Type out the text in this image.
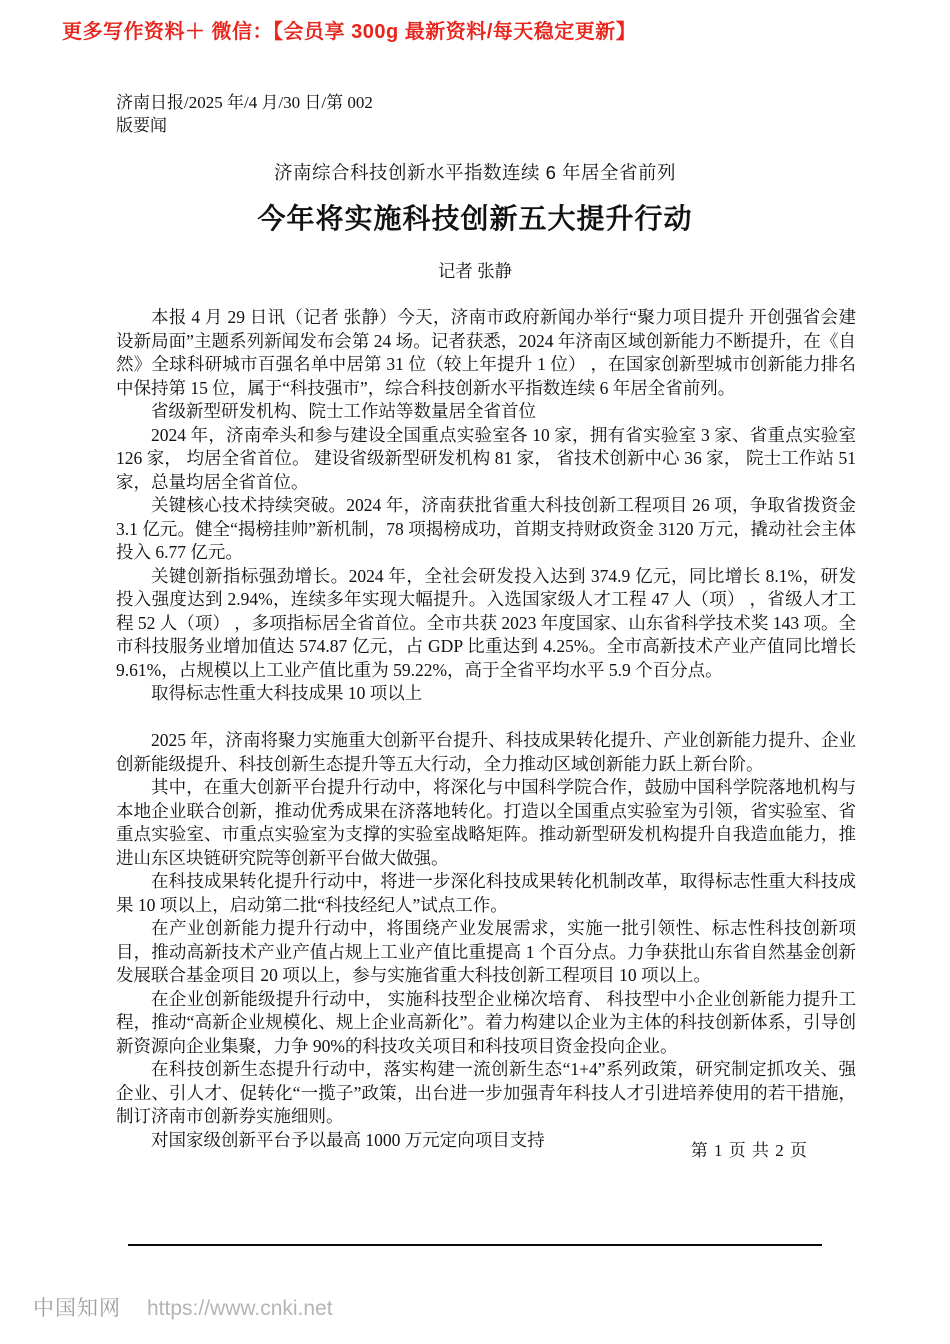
更多写作资料＋ 微信：【会员享 300g 最新资料/每天稳定更新】
济南日报/2025 年/4 月/30 日/第 002
版要闻
济南综合科技创新水平指数连续 6 年居全省前列
今年将实施科技创新五大提升行动
记者 张静

本报 4 月 29 日讯（记者 张静）今天，济南市政府新闻办举行“聚力项目提升 开创强省会建设新局面”主题系列新闻发布会第 24 场。记者获悉，2024 年济南区域创新能力不断提升，在《自然》全球科研城市百强名单中居第 31 位（较上年提升 1 位） ，在国家创新型城市创新能力排名中保持第 15 位，属于“科技强市”，综合科技创新水平指数连续 6 年居全省前列。

省级新型研发机构、院士工作站等数量居全省首位

2024 年，济南牵头和参与建设全国重点实验室各 10 家，拥有省实验室 3 家、省重点实验室 126 家， 均居全省首位。 建设省级新型研发机构 81 家， 省技术创新中心 36 家， 院士工作站 51 家，总量均居全省首位。

关键核心技术持续突破。2024 年，济南获批省重大科技创新工程项目 26 项，争取省拨资金 3.1 亿元。健全“揭榜挂帅”新机制，78 项揭榜成功，首期支持财政资金 3120 万元，撬动社会主体投入 6.77 亿元。

关键创新指标强劲增长。2024 年，全社会研发投入达到 374.9 亿元，同比增长 8.1%，研发投入强度达到 2.94%，连续多年实现大幅提升。入选国家级人才工程 47 人（项） ，省级人才工程 52 人（项） ，多项指标居全省首位。全市共获 2023 年度国家、山东省科学技术奖 143 项。全市科技服务业增加值达 574.87 亿元，占 GDP 比重达到 4.25%。全市高新技术产业产值同比增长 9.61%，占规模以上工业产值比重为 59.22%，高于全省平均水平 5.9 个百分点。

取得标志性重大科技成果 10 项以上

2025 年，济南将聚力实施重大创新平台提升、科技成果转化提升、产业创新能力提升、企业创新能级提升、科技创新生态提升等五大行动，全力推动区域创新能力跃上新台阶。

其中，在重大创新平台提升行动中，将深化与中国科学院合作，鼓励中国科学院落地机构与本地企业联合创新，推动优秀成果在济落地转化。打造以全国重点实验室为引领，省实验室、省重点实验室、市重点实验室为支撑的实验室战略矩阵。推动新型研发机构提升自我造血能力，推进山东区块链研究院等创新平台做大做强。

在科技成果转化提升行动中，将进一步深化科技成果转化机制改革，取得标志性重大科技成果 10 项以上，启动第二批“科技经纪人”试点工作。

在产业创新能力提升行动中，将围绕产业发展需求，实施一批引领性、标志性科技创新项目，推动高新技术产业产值占规上工业产值比重提高 1 个百分点。力争获批山东省自然基金创新发展联合基金项目 20 项以上，参与实施省重大科技创新工程项目 10 项以上。

在企业创新能级提升行动中， 实施科技型企业梯次培育、 科技型中小企业创新能力提升工程，推动“高新企业规模化、规上企业高新化”。着力构建以企业为主体的科技创新体系，引导创新资源向企业集聚，力争 90%的科技攻关项目和科技项目资金投向企业。

在科技创新生态提升行动中，落实构建一流创新生态“1+4”系列政策，研究制定抓攻关、强企业、引人才、促转化“一揽子”政策，出台进一步加强青年科技人才引进培养使用的若干措施，制订济南市创新券实施细则。

对国家级创新平台予以最高 1000 万元定向项目支持

第 1 页 共 2 页
中国知网 https://www.cnki.net
